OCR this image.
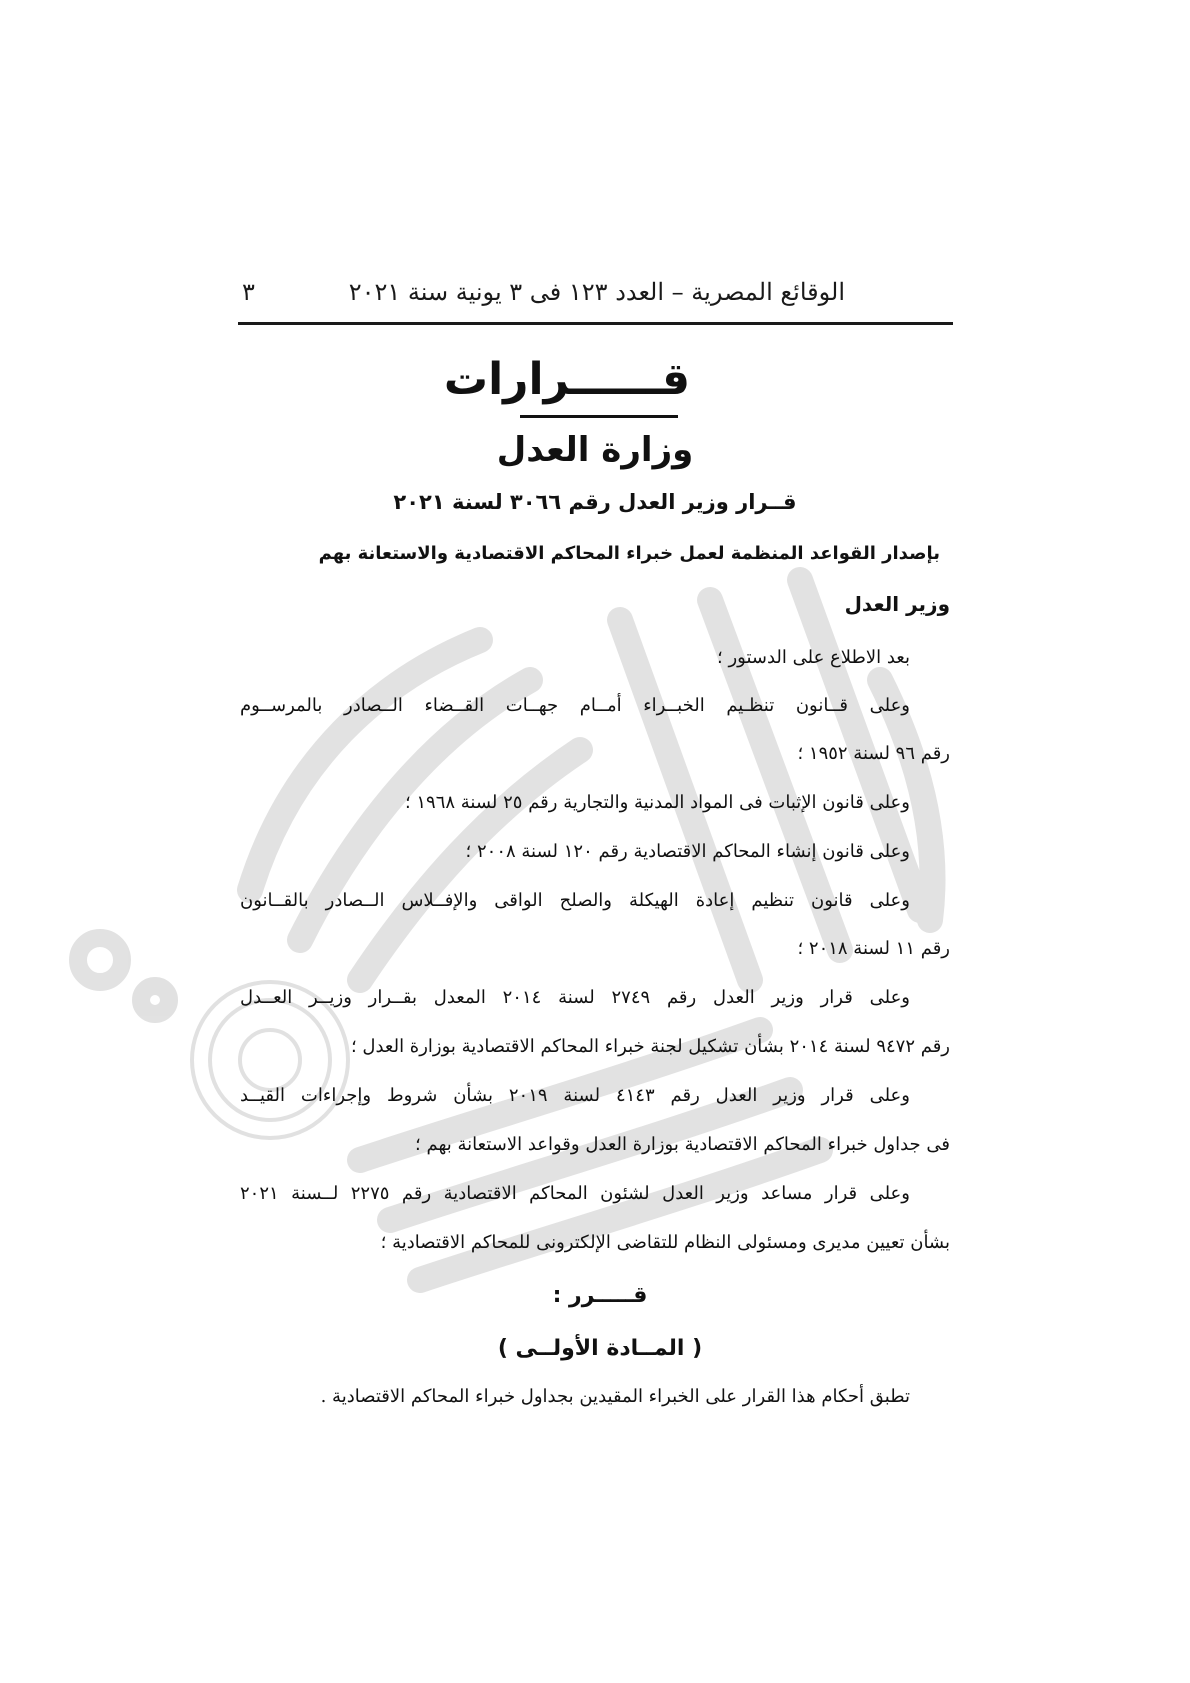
الوقائع المصرية – العدد ١٢٣ فى ٣ يونية سنة ٢٠٢١
٣
قــــــرارات
وزارة العدل
قــرار وزير العدل رقم ٣٠٦٦ لسنة ٢٠٢١
بإصدار القواعد المنظمة لعمل خبراء المحاكم الاقتصادية والاستعانة بهم
وزير العدل
بعد الاطلاع على الدستور ؛
وعلى قــانون تنظـيم الخبــراء أمــام جهــات القــضاء الــصادر بالمرســوم
رقم ٩٦ لسنة ١٩٥٢ ؛
وعلى قانون الإثبات فى المواد المدنية والتجارية رقم ٢٥ لسنة ١٩٦٨ ؛
وعلى قانون إنشاء المحاكم الاقتصادية رقم ١٢٠ لسنة ٢٠٠٨ ؛
وعلى قانون تنظيم إعادة الهيكلة والصلح الواقى والإفــلاس الــصادر بالقــانون
رقم ١١ لسنة ٢٠١٨ ؛
وعلى قرار وزير العدل رقم ٢٧٤٩ لسنة ٢٠١٤ المعدل بقــرار وزيــر العــدل
رقم ٩٤٧٢ لسنة ٢٠١٤ بشأن تشكيل لجنة خبراء المحاكم الاقتصادية بوزارة العدل ؛
وعلى قرار وزير العدل رقم ٤١٤٣ لسنة ٢٠١٩ بشأن شروط وإجراءات القيــد
فى جداول خبراء المحاكم الاقتصادية بوزارة العدل وقواعد الاستعانة بهم ؛
وعلى قرار مساعد وزير العدل لشئون المحاكم الاقتصادية رقم ٢٢٧٥ لــسنة ٢٠٢١
بشأن تعيين مديرى ومسئولى النظام للتقاضى الإلكترونى للمحاكم الاقتصادية ؛
قـــــرر :
( المــادة الأولــى )
تطبق أحكام هذا القرار على الخبراء المقيدين بجداول خبراء المحاكم الاقتصادية .
